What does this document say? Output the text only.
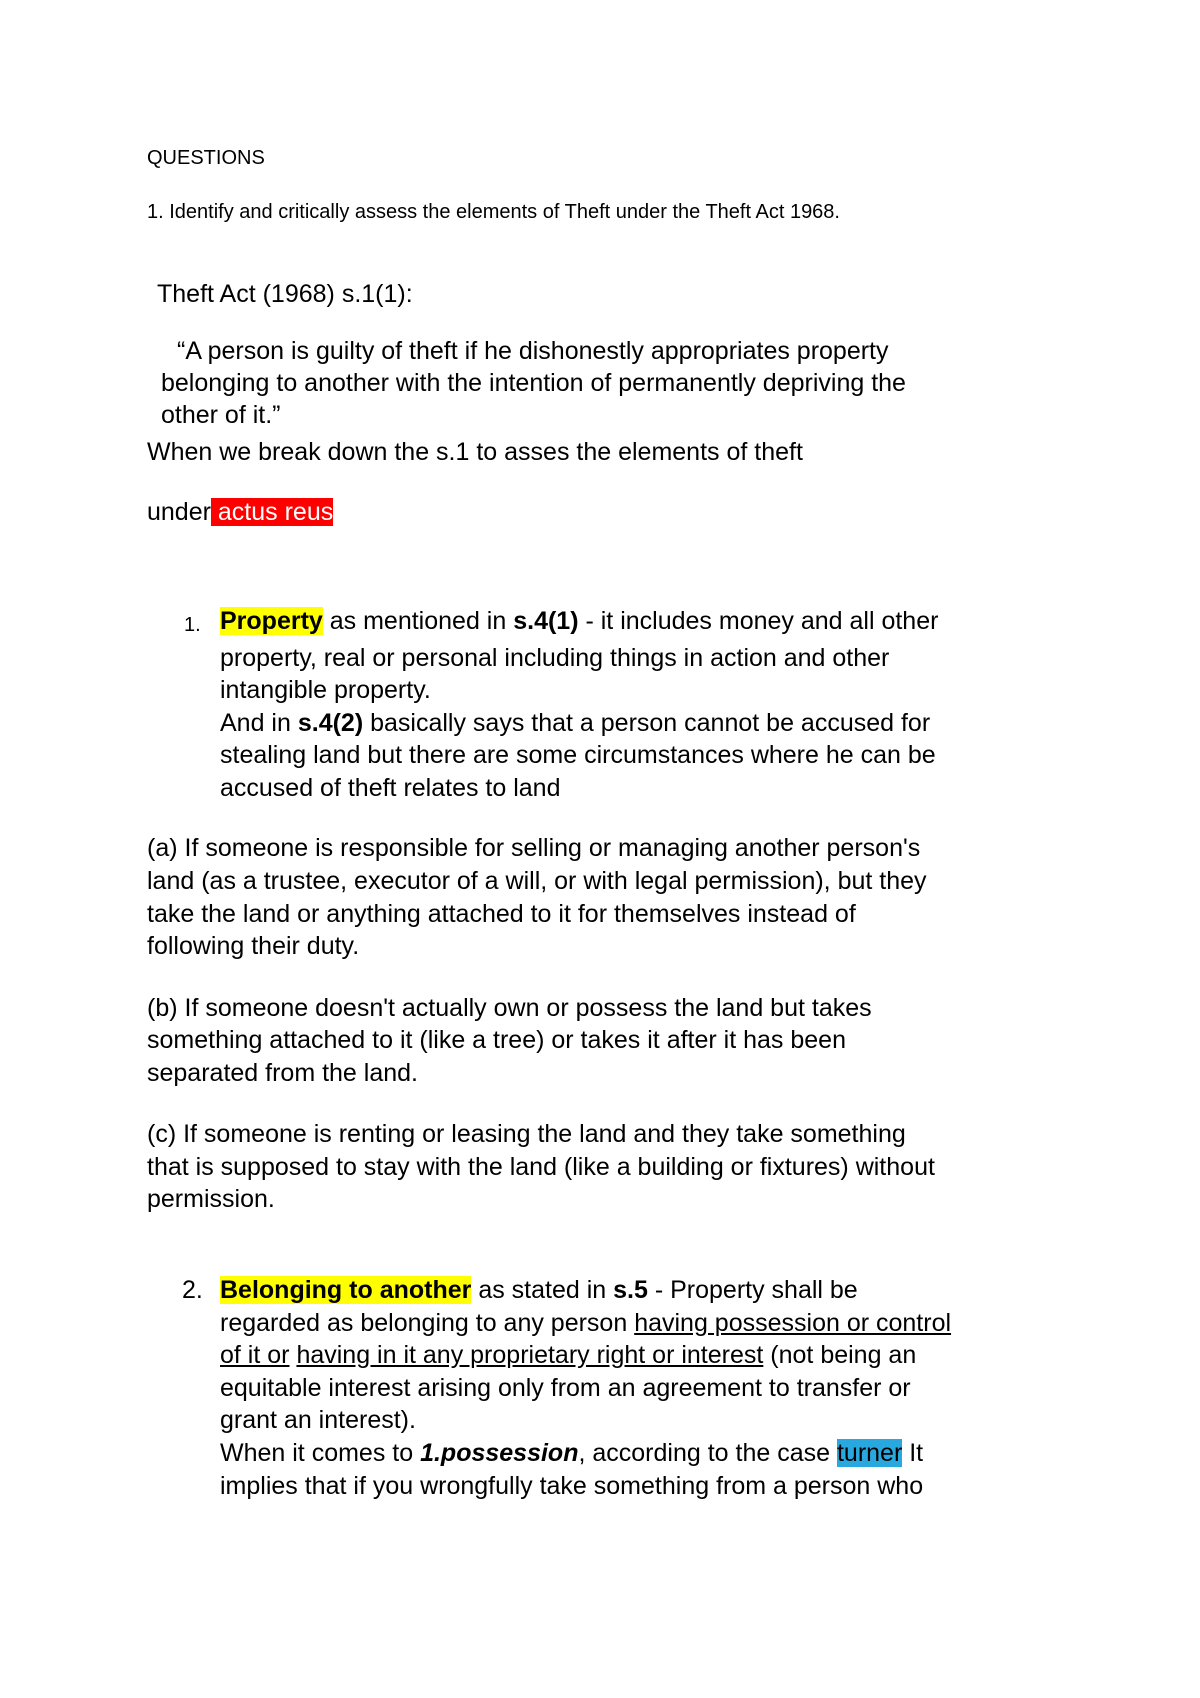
QUESTIONS

1. Identify and critically assess the elements of Theft under the Theft Act 1968.

Theft Act (1968) s.1(1):

“A person is guilty of theft if he dishonestly appropriates property

belonging to another with the intention of permanently depriving the

other of it.”

When we break down the s.1 to asses the elements of theft

under actus reus

1. Property as mentioned in s.4(1) - it includes money and all other

property, real or personal including things in action and other

intangible property.

And in s.4(2) basically says that a person cannot be accused for

stealing land but there are some circumstances where he can be

accused of theft relates to land

(a) If someone is responsible for selling or managing another person's

land (as a trustee, executor of a will, or with legal permission), but they

take the land or anything attached to it for themselves instead of

following their duty.

(b) If someone doesn't actually own or possess the land but takes

something attached to it (like a tree) or takes it after it has been

separated from the land.

(c) If someone is renting or leasing the land and they take something

that is supposed to stay with the land (like a building or fixtures) without

permission.

2. Belonging to another as stated in s.5 - Property shall be

regarded as belonging to any person having possession or control

of it or having in it any proprietary right or interest (not being an

equitable interest arising only from an agreement to transfer or

grant an interest).

When it comes to 1.possession, according to the case turner It

implies that if you wrongfully take something from a person who
